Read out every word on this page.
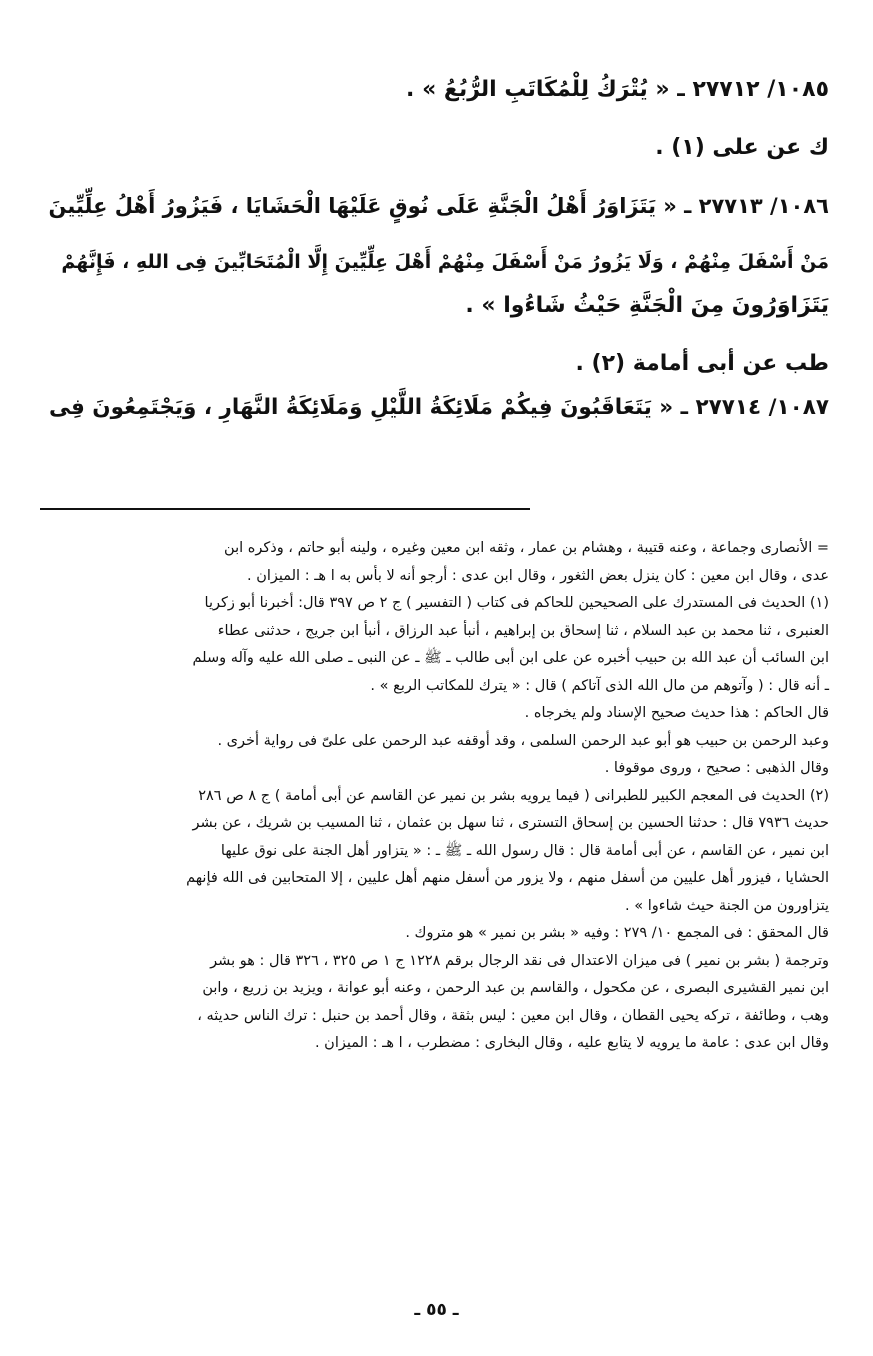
١٠٨٥/ ٢٧٧١٢ ـ « يُتْرَكُ لِلْمُكَاتَبِ الرُّبُعُ » .

ك عن على (١) .

١٠٨٦/ ٢٧٧١٣ ـ « يَتَزَاوَرُ أَهْلُ الْجَنَّةِ عَلَى نُوقٍ عَلَيْهَا الْحَشَايَا ، فَيَزُورُ أَهْلُ عِلِّيِّينَ

مَنْ أَسْفَلَ مِنْهُمْ ، وَلَا يَزُورُ مَنْ أَسْفَلَ مِنْهُمْ أَهْلَ عِلِّيِّينَ إِلَّا الْمُتَحَابِّينَ فِى اللهِ ، فَإِنَّهُمْ

يَتَزَاوَرُونَ مِنَ الْجَنَّةِ حَيْثُ شَاءُوا » .

طب عن أبى أمامة (٢) .

١٠٨٧/ ٢٧٧١٤ ـ « يَتَعَاقَبُونَ فِيكُمْ مَلَائِكَةُ اللَّيْلِ وَمَلَائِكَةُ النَّهَارِ ، وَيَجْتَمِعُونَ فِى

= الأنصارى وجماعة ، وعنه قتيبة ، وهشام بن عمار ، وثقه ابن معين وغيره ، ولينه أبو حاتم ، وذكره ابن

عدى ، وقال ابن معين : كان ينزل بعض الثغور ، وقال ابن عدى : أرجو أنه لا بأس به ا هـ : الميزان .

(١) الحديث فى المستدرك على الصحيحين للحاكم فى كتاب ( التفسير ) ج ٢ ص ٣٩٧ قال: أخبرنا أبو زكريا

العنبرى ، ثنا محمد بن عبد السلام ، ثنا إسحاق بن إبراهيم ، أنبأ عبد الرزاق ، أنبأ ابن جريج ، حدثنى عطاء

ابن السائب أن عبد الله بن حبيب أخبره عن على ابن أبى طالب ـ ﷺ ـ عن النبى ـ صلى الله عليه وآله وسلم

ـ أنه قال : ( وآتوهم من مال الله الذى آتاكم ) قال : « يترك للمكاتب الربع » .

قال الحاكم : هذا حديث صحيح الإسناد ولم يخرجاه .

وعبد الرحمن بن حبيب هو أبو عبد الرحمن السلمى ، وقد أوقفه عبد الرحمن على علىّ فى رواية أخرى .

وقال الذهبى : صحيح ، وروى موقوفا .

(٢) الحديث فى المعجم الكبير للطبرانى ( فيما يرويه بشر بن نمير عن القاسم عن أبى أمامة ) ج ٨ ص ٢٨٦

حديث ٧٩٣٦ قال : حدثنا الحسين بن إسحاق التسترى ، ثنا سهل بن عثمان ، ثنا المسيب بن شريك ، عن بشر

ابن نمير ، عن القاسم ، عن أبى أمامة قال : قال رسول الله ـ ﷺ ـ : « يتزاور أهل الجنة على نوق عليها

الحشايا ، فيزور أهل عليين من أسفل منهم ، ولا يزور من أسفل منهم أهل عليين ، إلا المتحابين فى الله فإنهم

يتزاورون من الجنة حيث شاءوا » .

قال المحقق : فى المجمع ١٠/ ٢٧٩ : وفيه « بشر بن نمير » هو متروك .

وترجمة ( بشر بن نمير ) فى ميزان الاعتدال فى نقد الرجال برقم ١٢٢٨ ج ١ ص ٣٢٥ ، ٣٢٦ قال : هو بشر

ابن نمير القشيرى البصرى ، عن مكحول ، والقاسم بن عبد الرحمن ، وعنه أبو عوانة ، ويزيد بن زريع ، وابن

وهب ، وطائفة ، تركه يحيى القطان ، وقال ابن معين : ليس بثقة ، وقال أحمد بن حنبل : ترك الناس حديثه ،

وقال ابن عدى : عامة ما يرويه لا يتابع عليه ، وقال البخارى : مضطرب ، ا هـ : الميزان .

ـ ٥٥ ـ
